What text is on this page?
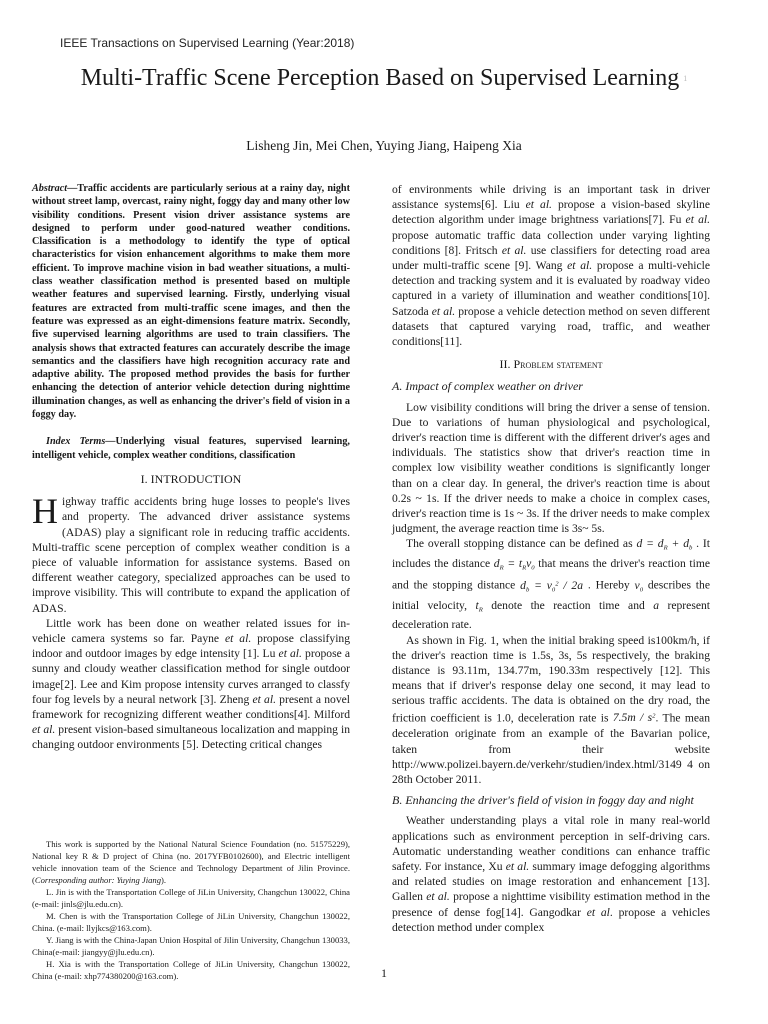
IEEE Transactions on Supervised Learning (Year:2018)
Multi-Traffic Scene Perception Based on Supervised Learning $^1$
Lisheng Jin, Mei Chen, Yuying Jiang, Haipeng Xia

Abstract—Traffic accidents are particularly serious at a rainy day, night without street lamp, overcast, rainy night, foggy day and many other low visibility conditions. Present vision driver assistance systems are designed to perform under good-natured weather conditions. Classification is a methodology to identify the type of optical characteristics for vision enhancement algorithms to make them more efficient. To improve machine vision in bad weather situations, a multi-class weather classification method is presented based on multiple weather features and supervised learning. Firstly, underlying visual features are extracted from multi-traffic scene images, and then the feature was expressed as an eight-dimensions feature matrix. Secondly, five supervised learning algorithms are used to train classifiers. The analysis shows that extracted features can accurately describe the image semantics and the classifiers have high recognition accuracy rate and adaptive ability. The proposed method provides the basis for further enhancing the detection of anterior vehicle detection during nighttime illumination changes, as well as enhancing the driver's field of vision in a foggy day.

Index Terms—Underlying visual features, supervised learning, intelligent vehicle, complex weather conditions, classification

I. INTRODUCTION

Highway traffic accidents bring huge losses to people's lives and property. The advanced driver assistance systems (ADAS) play a significant role in reducing traffic accidents. Multi-traffic scene perception of complex weather condition is a piece of valuable information for assistance systems. Based on different weather category, specialized approaches can be used to improve visibility. This will contribute to expand the application of ADAS.

Little work has been done on weather related issues for in-vehicle camera systems so far. Payne et al. propose classifying indoor and outdoor images by edge intensity [1]. Lu et al. propose a sunny and cloudy weather classification method for single outdoor image[2]. Lee and Kim propose intensity curves arranged to classfy four fog levels by a neural network [3]. Zheng et al. present a novel framework for recognizing different weather conditions[4]. Milford et al. present vision-based simultaneous localization and mapping in changing outdoor environments [5]. Detecting critical changes

of environments while driving is an important task in driver assistance systems[6]. Liu et al. propose a vision-based skyline detection algorithm under image brightness variations[7]. Fu et al. propose automatic traffic data collection under varying lighting conditions [8]. Fritsch et al. use classifiers for detecting road area under multi-traffic scene [9]. Wang et al. propose a multi-vehicle detection and tracking system and it is evaluated by roadway video captured in a variety of illumination and weather conditions[10]. Satzoda et al. propose a vehicle detection method on seven different datasets that captured varying road, traffic, and weather conditions[11].

II. Problem statement
A. Impact of complex weather on driver

Low visibility conditions will bring the driver a sense of tension. Due to variations of human physiological and psychological, driver's reaction time is different with the different driver's ages and individuals. The statistics show that driver's reaction time in complex low visibility weather conditions is significantly longer than on a clear day. In general, the driver's reaction time is about 0.2s ~ 1s. If the driver needs to make a choice in complex cases, driver's reaction time is 1s ~ 3s. If the driver needs to make complex judgment, the average reaction time is 3s~ 5s.

The overall stopping distance can be defined as $d = d_R + d_b$ . It includes the distance $d_R = t_Rv_0$ that means the driver's reaction time and the stopping distance $d_b = v_0^2 / 2a$ . Hereby $v_0$ describes the initial velocity, $t_R$ denote the reaction time and a represent deceleration rate.

As shown in Fig. 1, when the initial braking speed is100km/h, if the driver's reaction time is 1.5s, 3s, 5s respectively, the braking distance is 93.11m, 134.77m, 190.33m respectively [12]. This means that if driver's response delay one second, it may lead to serious traffic accidents. The data is obtained on the dry road, the friction coefficient is 1.0, deceleration rate is $7.5m / s^2$. The mean deceleration originate from an example of the Bavarian police, taken from their website http://www.polizei.bayern.de/verkehr/studien/index.html/3149 4 on 28th October 2011.

B. Enhancing the driver's field of vision in foggy day and night

Weather understanding plays a vital role in many real-world applications such as environment perception in self-driving cars. Automatic understanding weather conditions can enhance traffic safety. For instance, Xu et al. summary image defogging algorithms and related studies on image restoration and enhancement [13]. Gallen et al. propose a nighttime visibility estimation method in the presence of dense fog[14]. Gangodkar et al. propose a vehicles detection method under complex

This work is supported by the National Natural Science Foundation (no. 51575229), National key R & D project of China (no. 2017YFB0102600), and Electric intelligent vehicle innovation team of the Science and Technology Department of Jilin Province. (Corresponding author: Yuying Jiang).

L. Jin is with the Transportation College of JiLin University, Changchun 130022, China (e-mail: jinls@jlu.edu.cn).

M. Chen is with the Transportation College of JiLin University, Changchun 130022, China. (e-mail: llyjkcs@163.com).

Y. Jiang is with the China-Japan Union Hospital of Jilin University, Changchun 130033, China(e-mail: jiangyy@jlu.edu.cn).

H. Xia is with the Transportation College of JiLin University, Changchun 130022, China (e-mail: xhp774380200@163.com).	1
